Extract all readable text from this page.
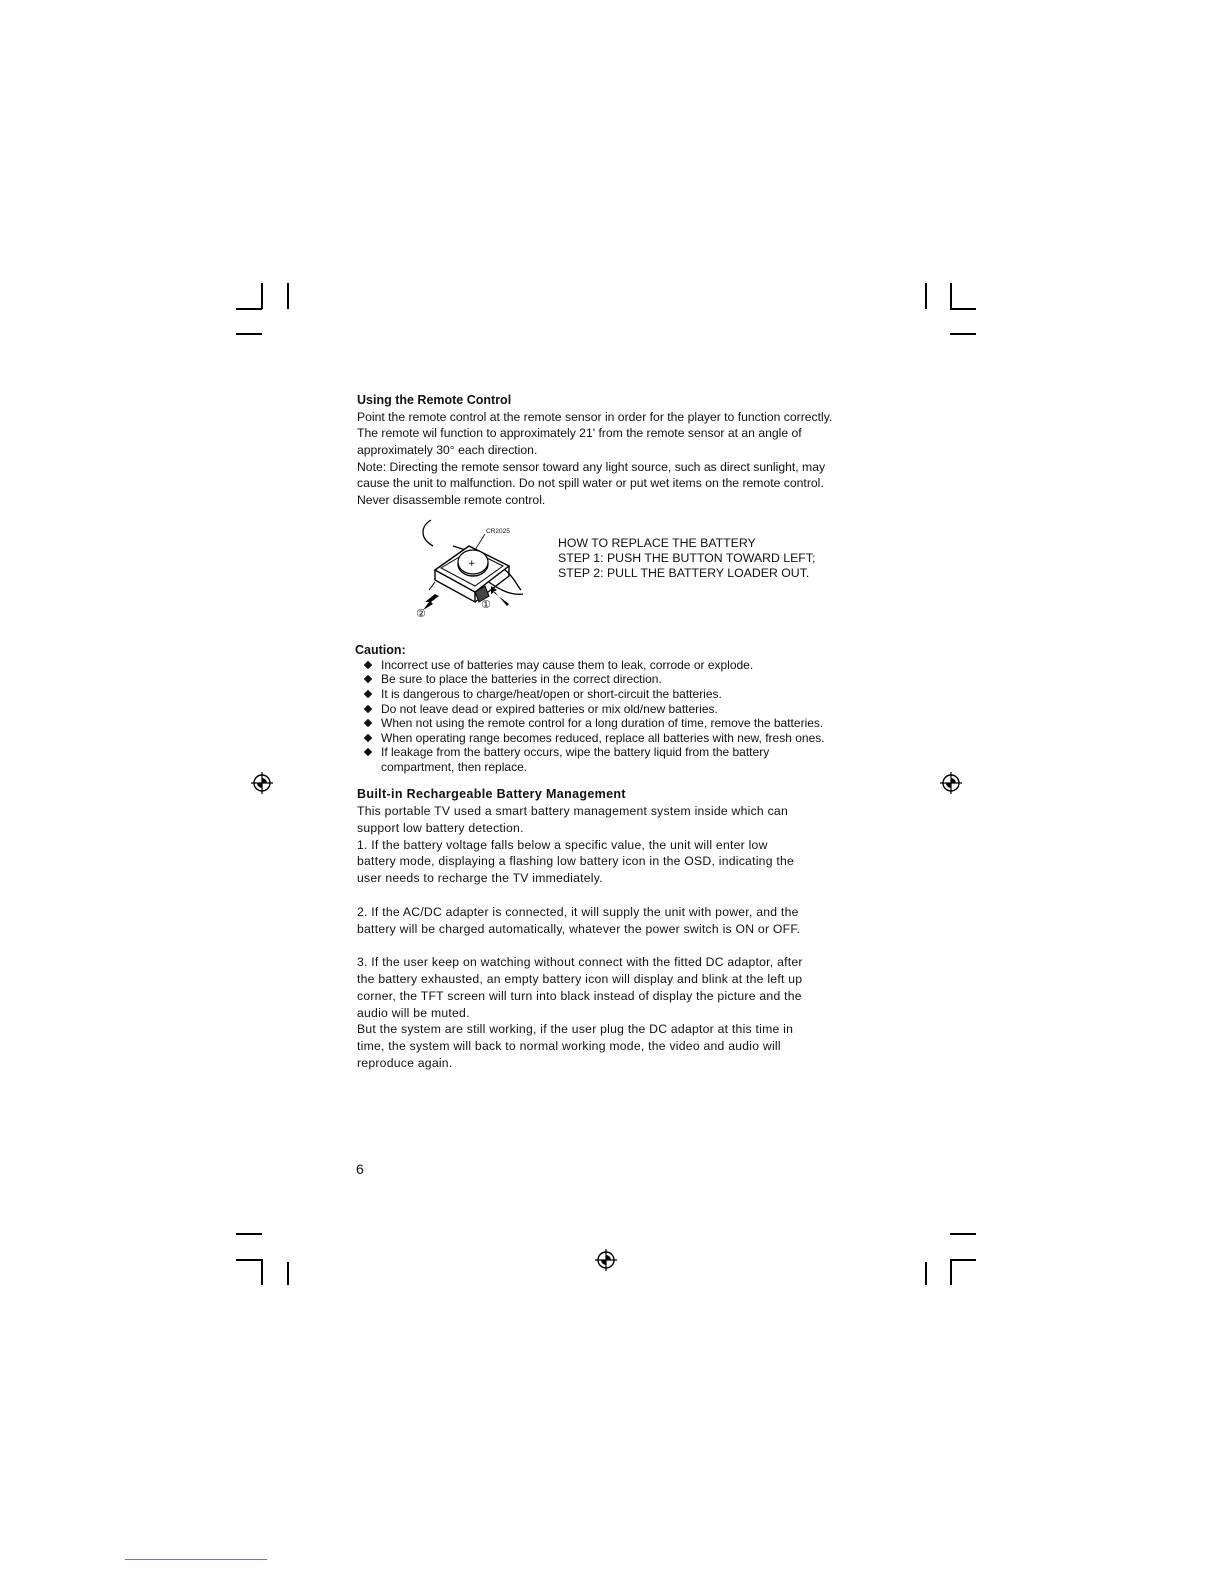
Using the Remote Control

Point the remote control at the remote sensor in order for the player to function correctly.

The remote wil function to approximately 21' from the remote sensor at an angle of

approximately 30° each direction.

Note: Directing the remote sensor toward any light source, such as direct sunlight, may

cause the unit to malfunction. Do not spill water or put wet items on the remote control.

Never disassemble remote control.

+
CR2025
①
②
HOW TO REPLACE THE BATTERY
STEP 1: PUSH THE BUTTON TOWARD LEFT;
STEP 2: PULL THE BATTERY LOADER OUT.
Caution:
Incorrect use of batteries may cause them to leak, corrode or explode.
Be sure to place the batteries in the correct direction.
It is dangerous to charge/heat/open or short-circuit the batteries.
Do not leave dead or expired batteries or mix old/new batteries.
When not using the remote control for a long duration of time, remove the batteries.
When operating range becomes reduced, replace all batteries with new, fresh ones.
If leakage from the battery occurs, wipe the battery liquid from the battery
compartment, then replace.
Built-in Rechargeable Battery Management

This portable TV used a smart battery management system inside which can

support low battery detection.

1. If the battery voltage falls below a specific value, the unit will enter low

battery mode, displaying a flashing low battery icon in the OSD, indicating the

user needs to recharge the TV immediately.

2. If the AC/DC adapter is connected, it will supply the unit with power, and the

battery will be charged automatically, whatever the power switch is ON or OFF.

3. If the user keep on watching without connect with the fitted DC adaptor, after

the battery exhausted, an empty battery icon will display and blink at the left up

corner, the TFT screen will turn into black instead of display the picture and the

audio will be muted.

But the system are still working, if the user plug the DC adaptor at this time in

time, the system will back to normal working mode, the video and audio will

reproduce again.

6
